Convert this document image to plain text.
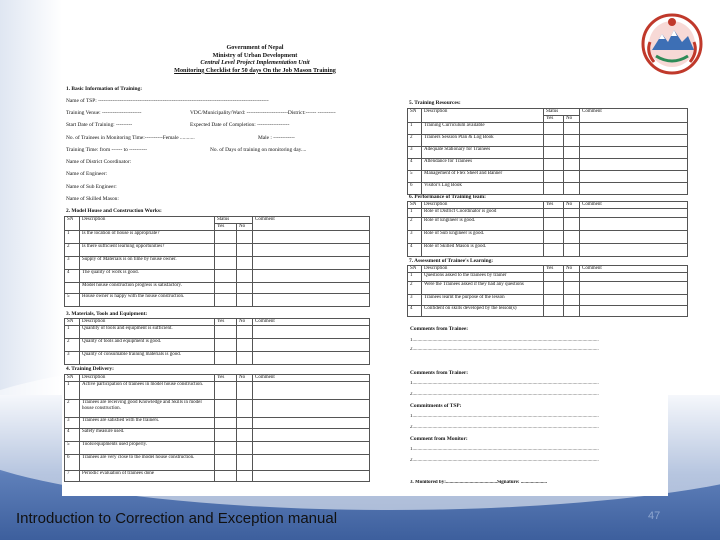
Government of Nepal
Ministry of Urban Development
Central Level Project Implementation Unit
Monitoring Checklist for 50 days On the Job Mason Training
1. Basic Information of Training:
Name of TSP: -----------------------------------------------------------------------------------------------
Training Venue: ----------------------	VDC/Municipality/Ward: -----------------------District:------ ----------
Start Date of Training: ---------	Expected Date of Completion: ------------------
No. of Trainees in Monitoring Time:----------Female ...........	Male : ------------
Training Time: from ------ to ----------	No. of Days of training on monitoring day....
Name of District Coordinator:
Name of Engineer:
Name of Sub Engineer:
Name of Skilled Mason:
2. Model House and Construction Works:
SN	Description	Status		Comment
		Yes	No	
1	Is the location of house is appropriate?			
2	Is there sufficient learning opportunities?			
3	Supply of Materials is on time by house owner.			
4	The quality of work is good.			
	Model house construction progress is satisfactory.			
5	House owner is happy with the house construction.			
3. Materials, Tools and Equipment:
SN	Description	Yes	No	Comment
1	Quantity of tools and equipment is sufficient.			
2	Quality of tools and equipment is good.			
3	Quality of consumable training materials is good.			
4. Training Delivery:
SN	Description	Yes	No	Comment
1	Active participation of trainees in model house construction.			
2	Trainees are receiving good Knowledge and Skills in model house construction.			
3	Trainees are satisfied with the trainers.			
4	Safety measure used.			
5	Tools/equipments used properly.			
6	Trainees are very close to the model house construction.			
7	Periodic evaluation of trainees done			
5. Training Resources:
SN	Description	Status		Comment
		Yes	No	
1	Training Curriculum available			
2	Trainers Session Plan & Log Book			
3	Adequate Stationary for Trainees			
4	Attendance for Trainees			
5	Management of Flex Sheet and Banner			
6	Visitor's Log Book			
6. Performance of Training team:
SN	Description	Yes	No	Comment
1	Role of District Coordinator is good			
2	Role of Engineer is good.			
3	Role of Sub Engineer is good.			
4	Role of Skilled Mason is good.			
7. Assessment of Trainee's Learning:
SN	Description	Yes	No	Comment
1	Questions asked to the trainees by trainer			
2	Were the Trainees asked if they had any questions			
3	Trainees learnt the purpose of the lesson			
4	Confident on skills developed by the lesson(s)			
Comments from Trainee:
1.....................................................................................................................................................
2.....................................................................................................................................................
Comments from Trainer:
1.....................................................................................................................................................
2.....................................................................................................................................................
Commitments of TSP:
1.....................................................................................................................................................
2.....................................................................................................................................................
Comment from Monitor:
1.....................................................................................................................................................
2.....................................................................................................................................................
3. Monitored by:.........................................Signature: .....................
Introduction to Correction and Exception manual	47
